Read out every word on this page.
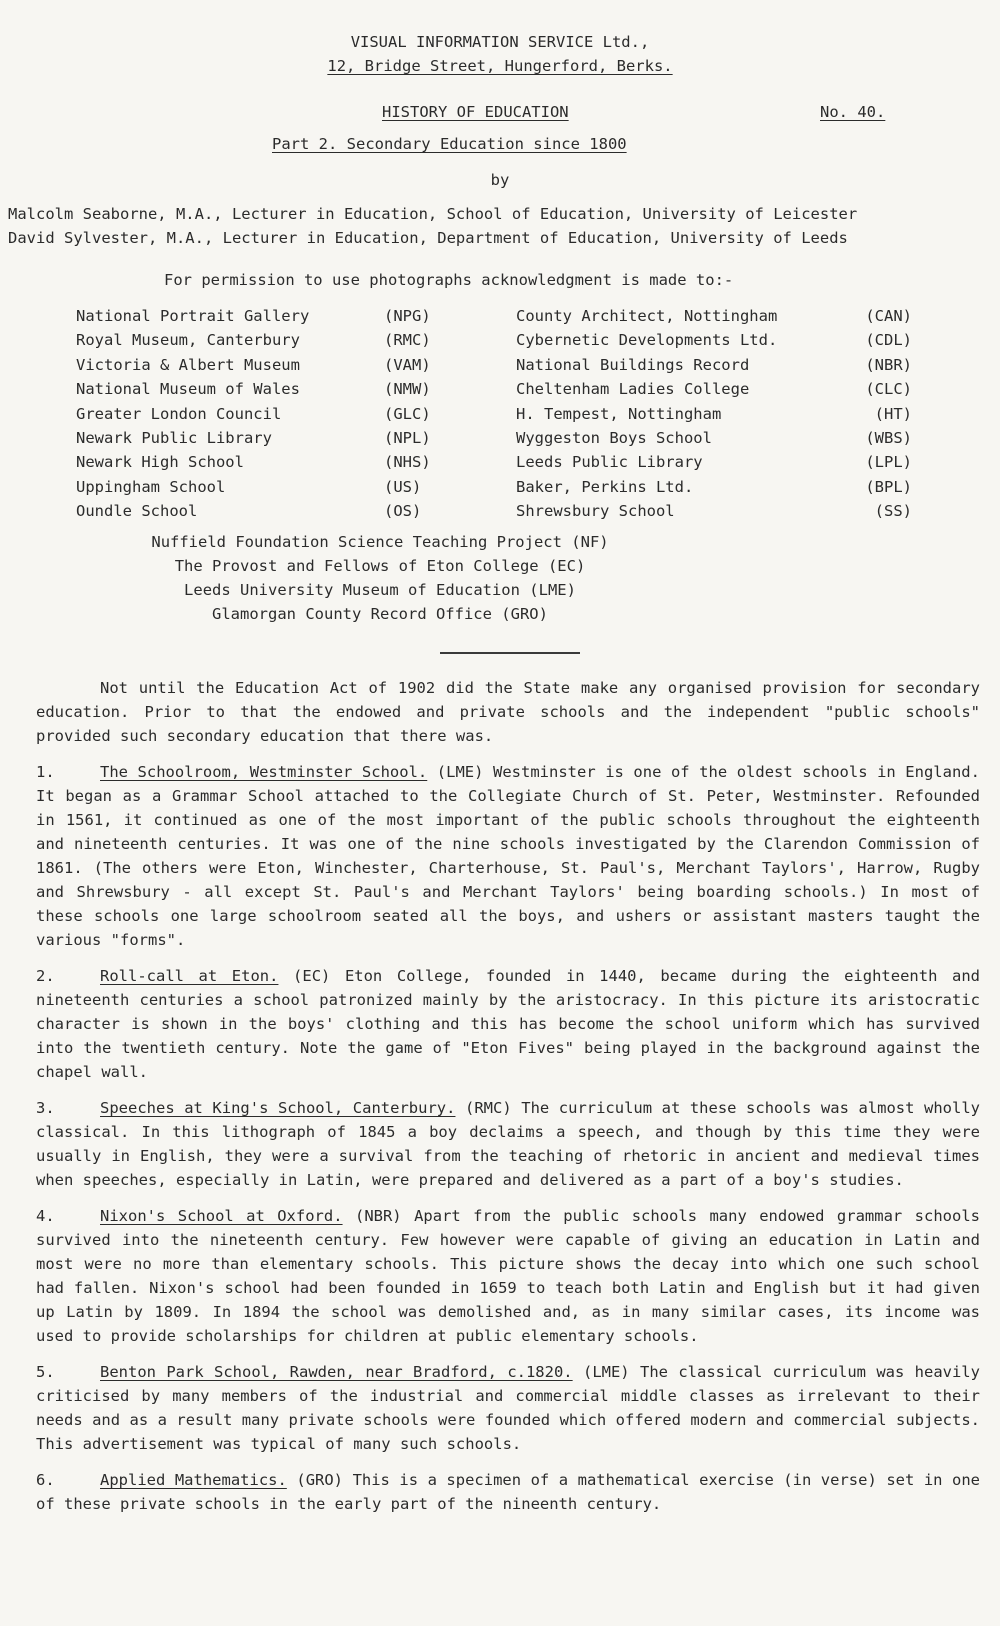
VISUAL INFORMATION SERVICE Ltd.,
12, Bridge Street, Hungerford, Berks.
HISTORY OF EDUCATION	No. 40.
Part 2. Secondary Education since 1800
by
Malcolm Seaborne, M.A., Lecturer in Education, School of Education, University of Leicester
David Sylvester, M.A., Lecturer in Education, Department of Education, University of Leeds
For permission to use photographs acknowledgment is made to:-
National Portrait Gallery	(NPG)	County Architect, Nottingham	(CAN)
Royal Museum, Canterbury	(RMC)	Cybernetic Developments Ltd.	(CDL)
Victoria & Albert Museum	(VAM)	National Buildings Record	(NBR)
National Museum of Wales	(NMW)	Cheltenham Ladies College	(CLC)
Greater London Council	(GLC)	H. Tempest, Nottingham	(HT)
Newark Public Library	(NPL)	Wyggeston Boys School	(WBS)
Newark High School	(NHS)	Leeds Public Library	(LPL)
Uppingham School	(US)	Baker, Perkins Ltd.	(BPL)
Oundle School	(OS)	Shrewsbury School	(SS)
Nuffield Foundation Science Teaching Project (NF)
The Provost and Fellows of Eton College (EC)
Leeds University Museum of Education (LME)
Glamorgan County Record Office (GRO)

Not until the Education Act of 1902 did the State make any organised provision for secondary education. Prior to that the endowed and private schools and the independent "public schools" provided such secondary education that there was.

1.	The Schoolroom, Westminster School. (LME) Westminster is one of the oldest schools in England. It began as a Grammar School attached to the Collegiate Church of St. Peter, Westminster. Refounded in 1561, it continued as one of the most important of the public schools throughout the eighteenth and nineteenth centuries. It was one of the nine schools investigated by the Clarendon Commission of 1861. (The others were Eton, Winchester, Charterhouse, St. Paul's, Merchant Taylors', Harrow, Rugby and Shrewsbury - all except St. Paul's and Merchant Taylors' being boarding schools.) In most of these schools one large schoolroom seated all the boys, and ushers or assistant masters taught the various "forms".

2.	Roll-call at Eton. (EC) Eton College, founded in 1440, became during the eighteenth and nineteenth centuries a school patronized mainly by the aristocracy. In this picture its aristocratic character is shown in the boys' clothing and this has become the school uniform which has survived into the twentieth century. Note the game of "Eton Fives" being played in the background against the chapel wall.

3.	Speeches at King's School, Canterbury. (RMC) The curriculum at these schools was almost wholly classical. In this lithograph of 1845 a boy declaims a speech, and though by this time they were usually in English, they were a survival from the teaching of rhetoric in ancient and medieval times when speeches, especially in Latin, were prepared and delivered as a part of a boy's studies.

4.	Nixon's School at Oxford. (NBR) Apart from the public schools many endowed grammar schools survived into the nineteenth century. Few however were capable of giving an education in Latin and most were no more than elementary schools. This picture shows the decay into which one such school had fallen. Nixon's school had been founded in 1659 to teach both Latin and English but it had given up Latin by 1809. In 1894 the school was demolished and, as in many similar cases, its income was used to provide scholarships for children at public elementary schools.

5.	Benton Park School, Rawden, near Bradford, c.1820. (LME) The classical curriculum was heavily criticised by many members of the industrial and commercial middle classes as irrelevant to their needs and as a result many private schools were founded which offered modern and commercial subjects. This advertisement was typical of many such schools.

6.	Applied Mathematics. (GRO) This is a specimen of a mathematical exercise (in verse) set in one of these private schools in the early part of the nineenth century.
